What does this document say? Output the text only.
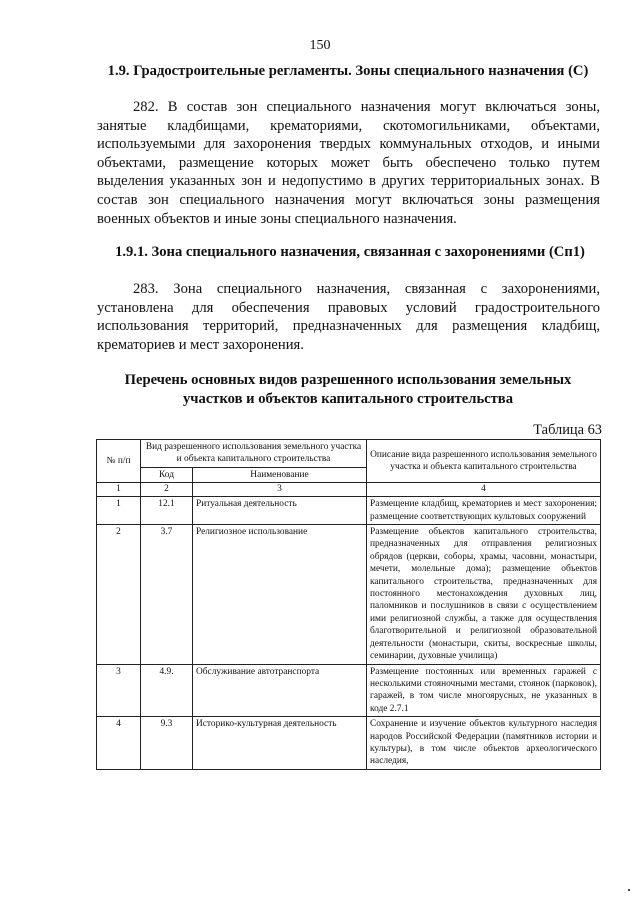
150
1.9. Градостроительные регламенты. Зоны специального назначения (С)
282. В состав зон специального назначения могут включаться зоны, занятые кладбищами, крематориями, скотомогильниками, объектами, используемыми для захоронения твердых коммунальных отходов, и иными объектами, размещение которых может быть обеспечено только путем выделения указанных зон и недопустимо в других территориальных зонах. В состав зон специального назначения могут включаться зоны размещения военных объектов и иные зоны специального назначения.
1.9.1. Зона специального назначения, связанная с захоронениями (Сп1)
283. Зона специального назначения, связанная с захоронениями, установлена для обеспечения правовых условий градостроительного использования территорий, предназначенных для размещения кладбищ, крематориев и мест захоронения.
Перечень основных видов разрешенного использования земельных
участков и объектов капитального строительства
Таблица 63
№ п/п	Вид разрешенного использования земельного участка и объекта капитального строительства		Описание вида разрешенного использования земельного участка и объекта капитального строительства
	Код	Наименование	
1	2	3	4
1	12.1	Ритуальная деятельность	Размещение кладбищ, крематориев и мест захоронения; размещение соответствующих культовых сооружений
2	3.7	Религиозное использование	Размещение объектов капитального строительства, предназначенных для отправления религиозных обрядов (церкви, соборы, храмы, часовни, монастыри, мечети, молельные дома); размещение объектов капитального строительства, предназначенных для постоянного местонахождения духовных лиц, паломников и послушников в связи с осуществлением ими религиозной службы, а также для осуществления благотворительной и религиозной образовательной деятельности (монастыри, скиты, воскресные школы, семинарии, духовные училища)
3	4.9.	Обслуживание автотранспорта	Размещение постоянных или временных гаражей с несколькими стояночными местами, стоянок (парковок), гаражей, в том числе многоярусных, не указанных в коде 2.7.1
4	9.3	Историко-культурная деятельность	Сохранение и изучение объектов культурного наследия народов Российской Федерации (памятников истории и культуры), в том числе объектов археологического наследия,
